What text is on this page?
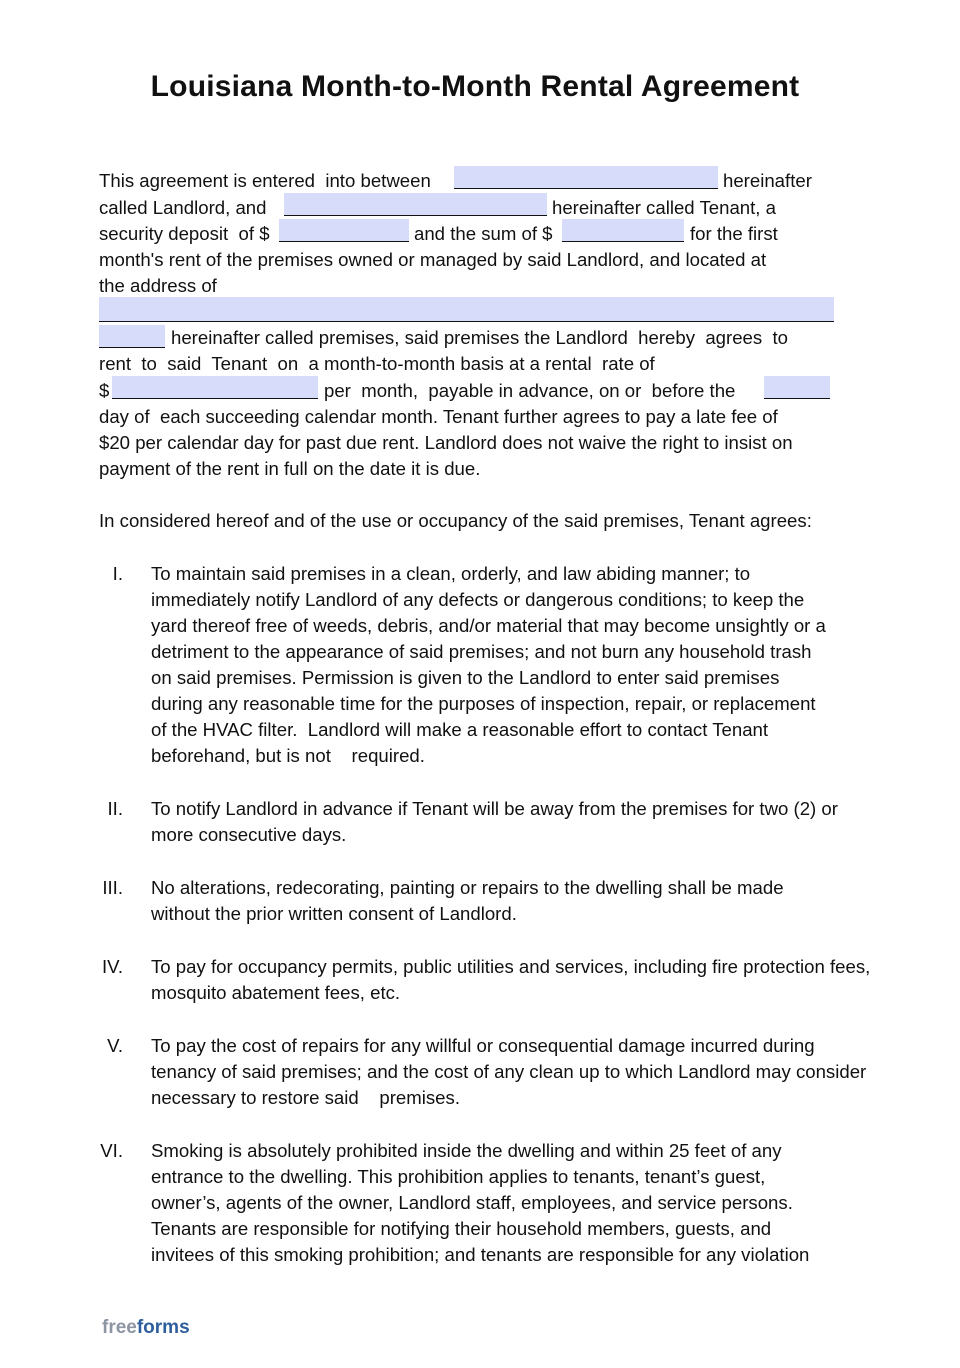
Louisiana Month-to-Month Rental Agreement
This agreement is entered  into between	hereinafter
called Landlord, and	hereinafter called Tenant, a
security deposit  of $	and the sum of $	for the first
month's rent of the premises owned or managed by said Landlord, and located at
the address of
hereinafter called premises, said premises the Landlord  hereby  agrees  to
rent  to  said  Tenant  on  a month-to-month basis at a rental  rate of
$	per  month,  payable in advance, on or  before the
day of  each succeeding calendar month. Tenant further agrees to pay a late fee of
$20 per calendar day for past due rent. Landlord does not waive the right to insist on
payment of the rent in full on the date it is due.
In considered hereof and of the use or occupancy of the said premises, Tenant agrees:
I. To maintain said premises in a clean, orderly, and law abiding manner; to
immediately notify Landlord of any defects or dangerous conditions; to keep the
yard thereof free of weeds, debris, and/or material that may become unsightly or a
detriment to the appearance of said premises; and not burn any household trash
on said premises. Permission is given to the Landlord to enter said premises
during any reasonable time for the purposes of inspection, repair, or replacement
of the HVAC filter.  Landlord will make a reasonable effort to contact Tenant
beforehand, but is not    required.
II. To notify Landlord in advance if Tenant will be away from the premises for two (2) or
more consecutive days.
III. No alterations, redecorating, painting or repairs to the dwelling shall be made
without the prior written consent of Landlord.
IV. To pay for occupancy permits, public utilities and services, including fire protection fees,
mosquito abatement fees, etc.
V. To pay the cost of repairs for any willful or consequential damage incurred during
tenancy of said premises; and the cost of any clean up to which Landlord may consider
necessary to restore said    premises.
VI. Smoking is absolutely prohibited inside the dwelling and within 25 feet of any
entrance to the dwelling. This prohibition applies to tenants, tenant’s guest,
owner’s, agents of the owner, Landlord staff, employees, and service persons.
Tenants are responsible for notifying their household members, guests, and
invitees of this smoking prohibition; and tenants are responsible for any violation
freeforms
